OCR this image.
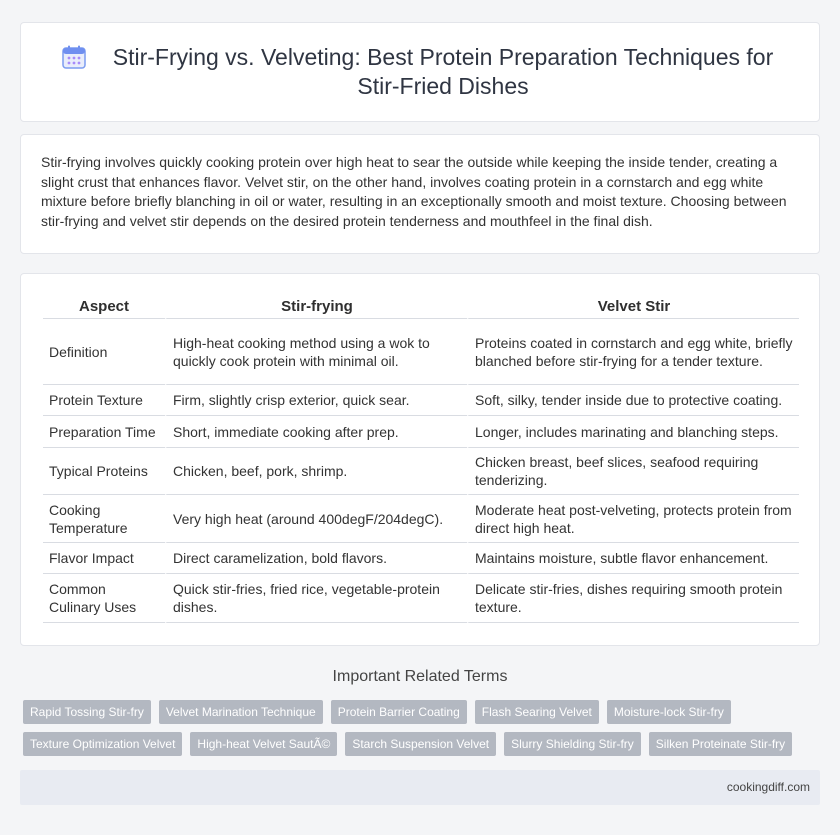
Stir-Frying vs. Velveting: Best Protein Preparation Techniques for Stir-Fried Dishes

Stir-frying involves quickly cooking protein over high heat to sear the outside while keeping the inside tender, creating a slight crust that enhances flavor. Velvet stir, on the other hand, involves coating protein in a cornstarch and egg white mixture before briefly blanching in oil or water, resulting in an exceptionally smooth and moist texture. Choosing between stir-frying and velvet stir depends on the desired protein tenderness and mouthfeel in the final dish.

Aspect	Stir-frying	Velvet Stir
Definition	High-heat cooking method using a wok to quickly cook protein with minimal oil.	Proteins coated in cornstarch and egg white, briefly blanched before stir-frying for a tender texture.
Protein Texture	Firm, slightly crisp exterior, quick sear.	Soft, silky, tender inside due to protective coating.
Preparation Time	Short, immediate cooking after prep.	Longer, includes marinating and blanching steps.
Typical Proteins	Chicken, beef, pork, shrimp.	Chicken breast, beef slices, seafood requiring tenderizing.
Cooking Temperature	Very high heat (around 400degF/204degC).	Moderate heat post-velveting, protects protein from direct high heat.
Flavor Impact	Direct caramelization, bold flavors.	Maintains moisture, subtle flavor enhancement.
Common Culinary Uses	Quick stir-fries, fried rice, vegetable-protein dishes.	Delicate stir-fries, dishes requiring smooth protein texture.
Important Related Terms
Rapid Tossing Stir-fry	Velvet Marination Technique	Protein Barrier Coating	Flash Searing Velvet	Moisture-lock Stir-fry
Texture Optimization Velvet	High-heat Velvet SautÃ©	Starch Suspension Velvet	Slurry Shielding Stir-fry	Silken Proteinate Stir-fry
cookingdiff.com
